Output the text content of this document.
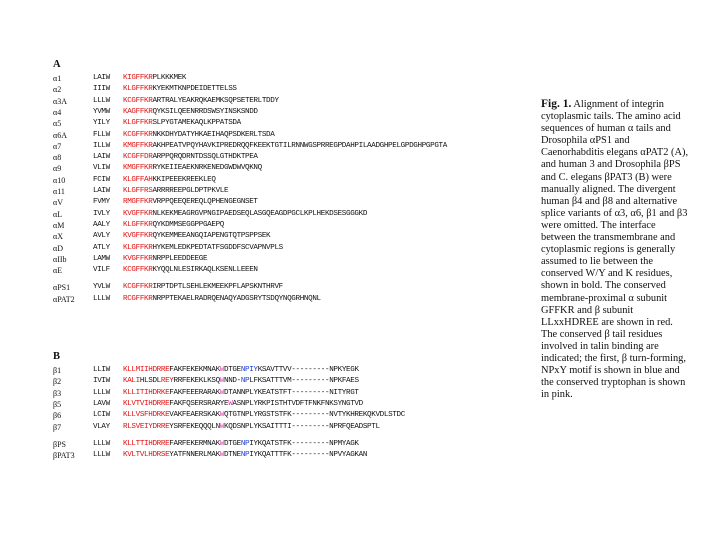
A
α1	LAIW KIGFFKRPLKKKMEK
α2	IIIW KLGFFKRKYEKMTKNPDEIDETTELSS
α3A	LLLW KCGFFKRARTRALYEAKRQKAEMKSQPSETERLTDDY
α4	YVMW KAGFFKRQYKSILQEENRRDSWSYINSKSNDD
α5	YILY KLGFFKRSLPYGTAMEKAQLKPPATSDA
α6A	FLLW KCGFFKRNKKDHYDATYHKAEIHAQPSDKERLTSDA
α7	ILLW KMGFFKRAKHPEATVPQYHAVKIPREDRQQFKEEKTGTILRNNWGSPRREGPDAHPILAADGHPELGPDGHPGPGTA
α8	LAIW KCGFFDRARPPQRQDRNTDSSQLGTHDKTPEA
α9	VLIW KMGFFKRRYKEIIEAEKNRKENEDGWDWVQKNQ
α10	FCIW KLGFFAHKKIPEEEKREEKLEQ
α11	LAIW KLGFFRSARRRREEPGLDPTPKVLE
αV	FVMY RMGFFKRVRPPQEEQEREQLQPHENGEGNSET
αL	IVLY KVGFFKRNLKEKMEAGRGVPNGIPAEDSEQLASGQEAGDPGCLKPLHEKDSESGGGKD
αM	AALY KLGFFKRQYKDMMSEGGPPGAEPQ
αX	AVLY KVGFFKRQYKEMMEEANGQIAPENGTQTPSPPSEK
αD	ATLY KLGFFKRHYKEMLEDKPEDTATFSGDDFSCVAPNVPLS
αIIb	LAMW KVGFFKRNRPPLEEDDEEGE
αE	VILF KCGFFKRKYQQLNLESIRKAQLKSENLLEEEN
αPS1	YVLW KCGFFKRIRPTDPTLSEHLEKMEEKPFLAPSKNTHRVF
αPAT2	LLLW RCGFFKRNRPPTEKAELRADRQENAQYADGSRYTSDQYNQGRHNQNL
B
β1	LLIW KLLMIIHDRREFAKFEKEKMNAKWDTGENPIYKSAVTTVV---------NPKYEGK
β2	IVIW KALIHLSDLREYRRFEKEKLKSQWNND-NPLFKSATTTVM---------NPKFAES
β3	LLLW KLLITIHDRKEFAKFEEERARAKWDTANNPLYKEATSTFT---------NITYRGT
β5	LAVW KLVTVIHDRREFAKFQSERSRARYEWASNPLYRKPISTHTVDFTFNKFNKSYNGTVD
β6	LCIW KLLVSFHDRKEVAKFEAERSKAKWQTGTNPLYRGSTSTFK---------NVTYKHREKQKVDLSTDC
β7	VLAY RLSVEIYDRREYSRFEKEQQQLNWKQDSNPLYKSAITTTI---------NPRFQEADSPTL
βPS	LLLW KLLTTIHDRREFARFEKERMNAKWDTGENPIYKQATSTFK---------NPMYAGK
βPAT3	LLLW KVLTVLHDRSEYATFNNERLMAKWDTNENPIYKQATTTFK---------NPVYAGKAN
Fig. 1. Alignment of integrin cytoplasmic tails. The amino acid sequences of human α tails and Drosophila αPS1 and Caenorhabditis elegans αPAT2 (A), and human 3 and Drosophila βPS and C. elegans βPAT3 (B) were manually aligned. The divergent human β4 and β8 and alternative splice variants of α3, α6, β1 and β3 were omitted. The interface between the transmembrane and cytoplasmic regions is generally assumed to lie between the conserved W/Y and K residues, shown in bold. The conserved membrane-proximal α subunit GFFKR and β subunit LLxxHDREE are shown in red. The conserved β tail residues involved in talin binding are indicated; the first, β turn-forming, NPxY motif is shown in blue and the conserved tryptophan is shown in pink.
